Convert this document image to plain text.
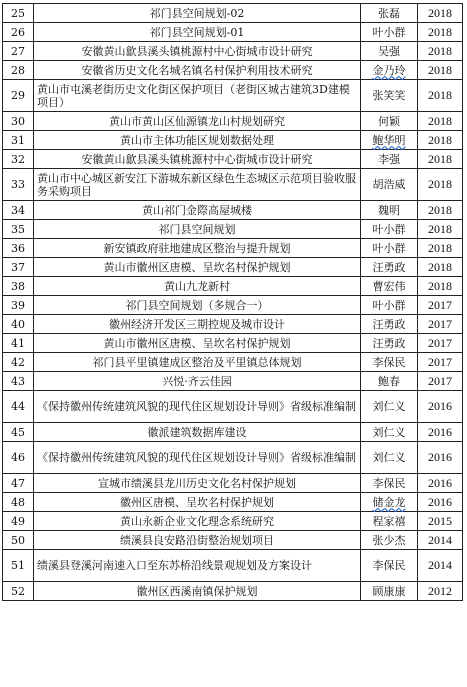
25	祁门县空间规划-02	张磊	2018
26	祁门县空间规划-01	叶小群	2018
27	安徽黄山歙县溪头镇桃源村中心街城市设计研究	吴强	2018
28	安徽省历史文化名城名镇名村保护利用技术研究	金乃玲	2018
29	黄山市屯溪老街历史文化街区保护项目（老街区城古建筑3D建模项目）	张笑笑	2018
30	黄山市黄山区仙源镇龙山村规划研究	何颖	2018
31	黄山市主体功能区规划数据处理	鲍华明	2018
32	安徽黄山歙县溪头镇桃源村中心街城市设计研究	李强	2018
33	黄山市中心城区新安江下游城东新区绿色生态城区示范项目验收服务采购项目	胡浩威	2018
34	黄山祁门金際高屋城楼	魏明	2018
35	祁门县空间规划	叶小群	2018
36	新安镇政府驻地建成区整治与提升规划	叶小群	2018
37	黄山市徽州区唐模、呈坎名村保护规划	汪勇政	2018
38	黄山九龙新村	曹宏伟	2018
39	祁门县空间规划（多规合一）	叶小群	2017
40	徽州经济开发区三期控规及城市设计	汪勇政	2017
41	黄山市徽州区唐模、呈坎名村保护规划	汪勇政	2017
42	祁门县平里镇建成区整治及平里镇总体规划	李保民	2017
43	兴悦·齐云佳园	鲍春	2017
44	《保持徽州传统建筑风貌的现代住区规划设计导则》省级标准编制	刘仁义	2016
45	徽派建筑数据库建设	刘仁义	2016
46	《保持徽州传统建筑风貌的现代住区规划设计导则》省级标准编制	刘仁义	2016
47	宣城市绩溪县龙川历史文化名村保护规划	李保民	2016
48	徽州区唐模、呈坎名村保护规划	储金龙	2016
49	黄山永新企业文化理念系统研究	程家禧	2015
50	绩溪县良安路沿街整治规划项目	张少杰	2014
51	绩溪县登溪河南速入口至东苏桥沿线景观规划及方案设计	李保民	2014
52	徽州区西溪南镇保护规划	顾康康	2012
